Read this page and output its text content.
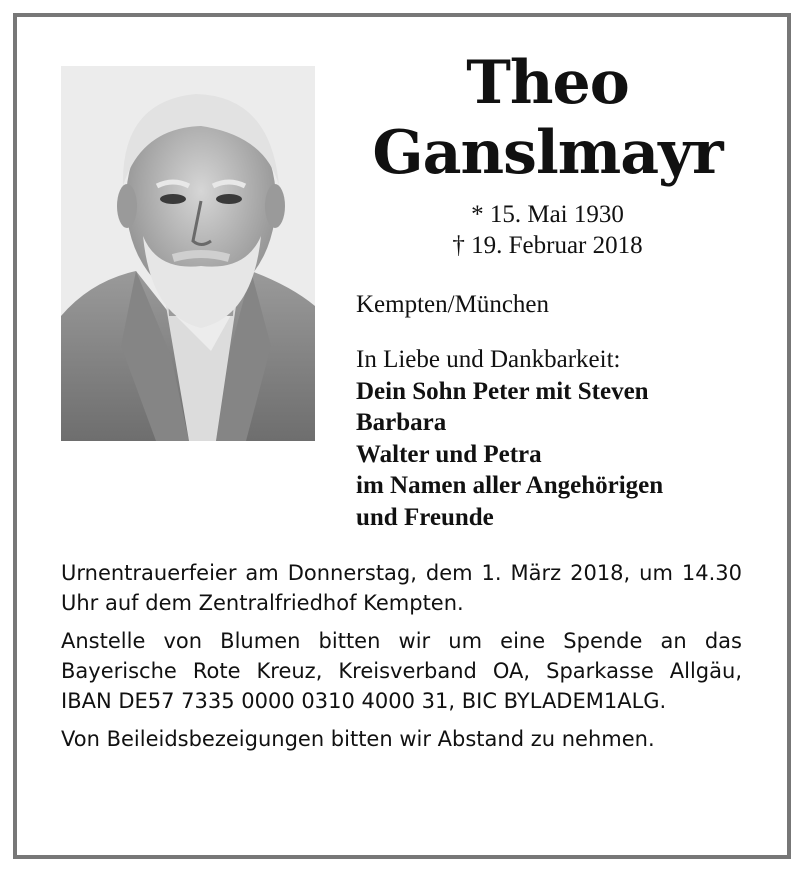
Theo
Ganslmayr
* 15. Mai 1930
† 19. Februar 2018
Kempten/München
In Liebe und Dankbarkeit:
Dein Sohn Peter mit Steven
Barbara
Walter und Petra
im Namen aller Angehörigen
und Freunde

Urnentrauerfeier am Donnerstag, dem 1. März 2018, um 14.30 Uhr auf dem Zentralfriedhof Kempten.

Anstelle von Blumen bitten wir um eine Spende an das Bayerische Rote Kreuz, Kreisverband OA, Sparkasse Allgäu, IBAN DE57 7335 0000 0310 4000 31, BIC BYLADEM1ALG.

Von Beileidsbezeigungen bitten wir Abstand zu nehmen.
